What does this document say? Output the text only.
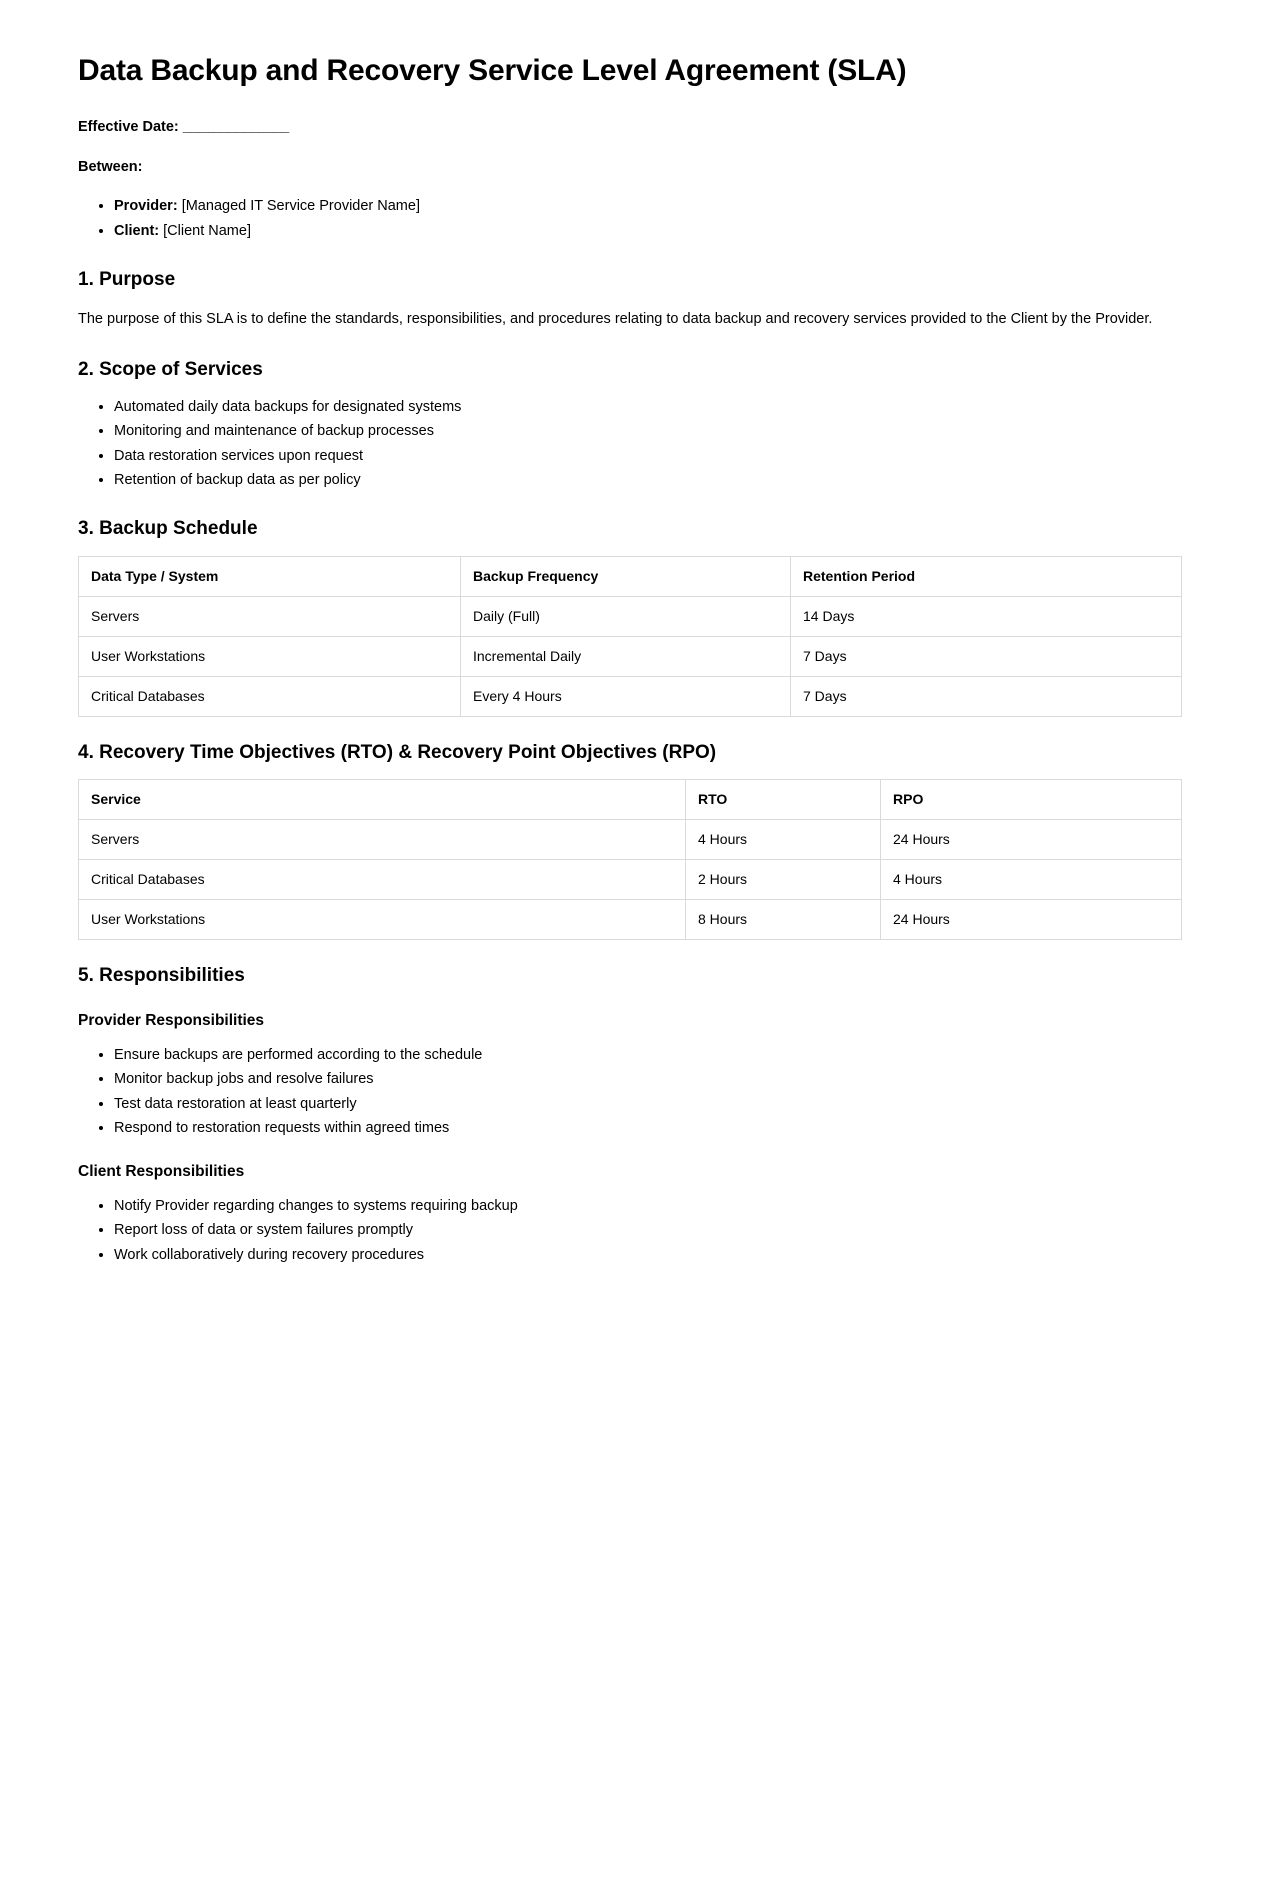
Data Backup and Recovery Service Level Agreement (SLA)

Effective Date: ______________

Between:

• Provider: [Managed IT Service Provider Name]
• Client: [Client Name]
1. Purpose

The purpose of this SLA is to define the standards, responsibilities, and procedures relating to data backup and recovery services provided to the Client by the Provider.

2. Scope of Services
• Automated daily data backups for designated systems
• Monitoring and maintenance of backup processes
• Data restoration services upon request
• Retention of backup data as per policy
3. Backup Schedule
Data Type / System	Backup Frequency	Retention Period
Servers	Daily (Full)	14 Days
User Workstations	Incremental Daily	7 Days
Critical Databases	Every 4 Hours	7 Days
4. Recovery Time Objectives (RTO) & Recovery Point Objectives (RPO)
Service	RTO	RPO
Servers	4 Hours	24 Hours
Critical Databases	2 Hours	4 Hours
User Workstations	8 Hours	24 Hours
5. Responsibilities
Provider Responsibilities
• Ensure backups are performed according to the schedule
• Monitor backup jobs and resolve failures
• Test data restoration at least quarterly
• Respond to restoration requests within agreed times
Client Responsibilities
• Notify Provider regarding changes to systems requiring backup
• Report loss of data or system failures promptly
• Work collaboratively during recovery procedures
